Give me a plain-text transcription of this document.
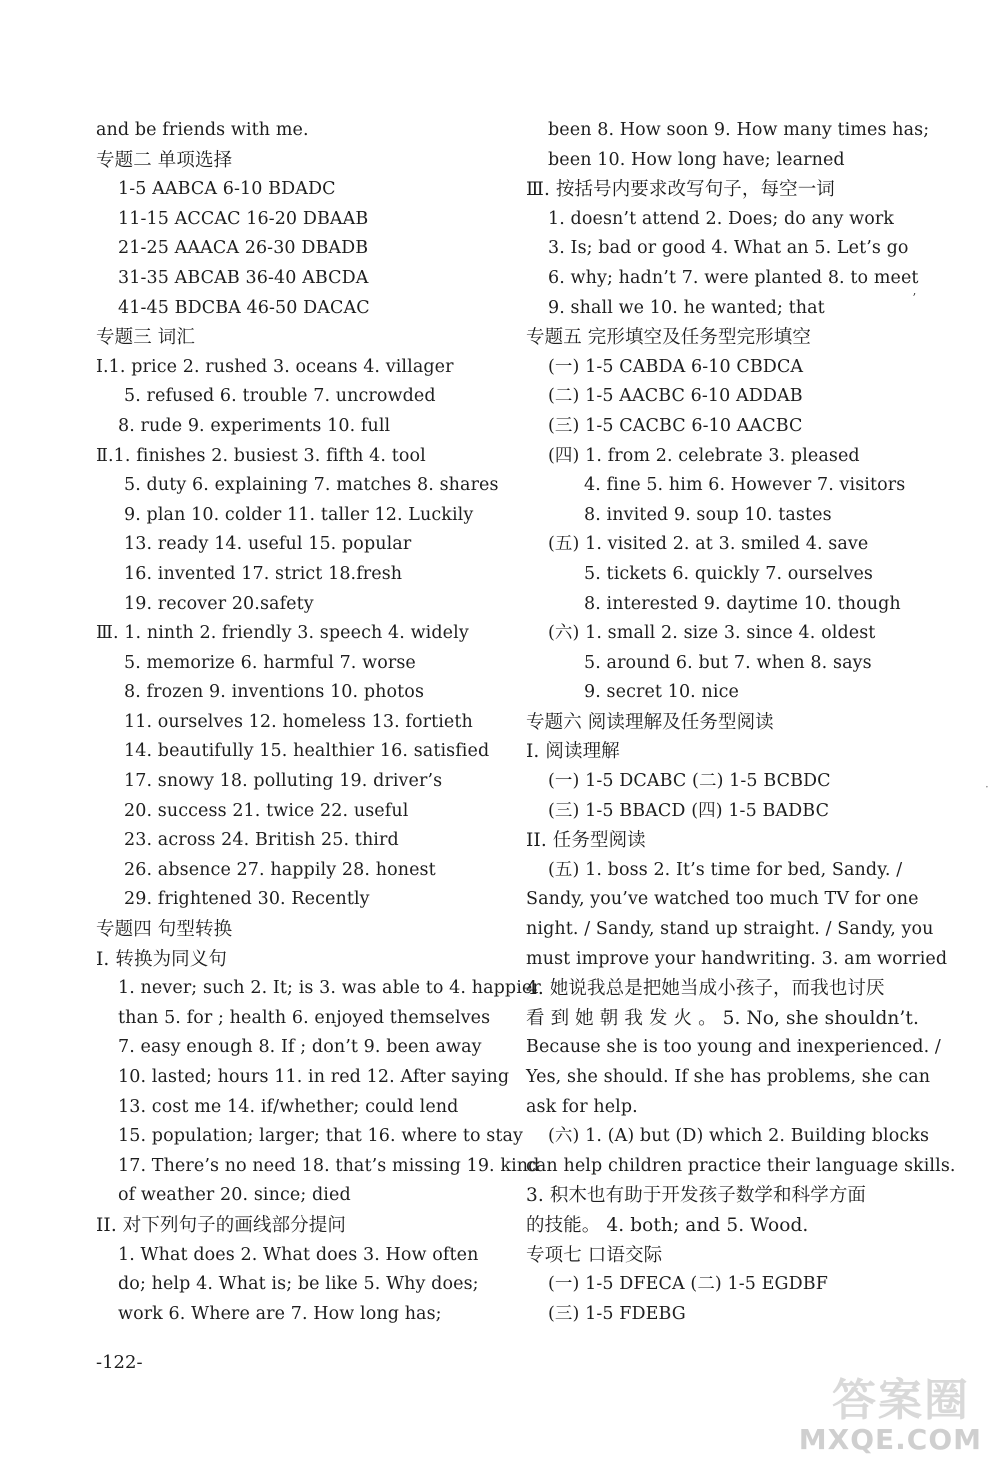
and be friends with me.
专题二 单项选择
1-5 AABCA 6-10 BDADC
11-15 ACCAC 16-20 DBAAB
21-25 AAACA 26-30 DBADB
31-35 ABCAB 36-40 ABCDA
41-45 BDCBA 46-50 DACAC
专题三 词汇
Ⅰ.1. price 2. rushed 3. oceans 4. villager
5. refused 6. trouble 7. uncrowded
8. rude 9. experiments 10. full
Ⅱ.1. finishes 2. busiest 3. fifth 4. tool
5. duty 6. explaining 7. matches 8. shares
9. plan 10. colder 11. taller 12. Luckily
13. ready 14. useful 15. popular
16. invented 17. strict 18.fresh
19. recover 20.safety
Ⅲ. 1. ninth 2. friendly 3. speech 4. widely
5. memorize 6. harmful 7. worse
8. frozen 9. inventions 10. photos
11. ourselves 12. homeless 13. fortieth
14. beautifully 15. healthier 16. satisfied
17. snowy 18. polluting 19. driver’s
20. success 21. twice 22. useful
23. across 24. British 25. third
26. absence 27. happily 28. honest
29. frightened 30. Recently
专题四 句型转换
I. 转换为同义句
1. never; such 2. It; is 3. was able to 4. happier
than 5. for ; health 6. enjoyed themselves
7. easy enough 8. If ; don’t 9. been away
10. lasted; hours 11. in red 12. After saying
13. cost me 14. if/whether; could lend
15. population; larger; that 16. where to stay
17. There’s no need 18. that’s missing 19. kind
of weather 20. since; died
II. 对下列句子的画线部分提问
1. What does 2. What does 3. How often
do; help 4. What is; be like 5. Why does;
work 6. Where are 7. How long has;
been 8. How soon 9. How many times has;
been 10. How long have; learned
Ⅲ. 按括号内要求改写句子，每空一词
1. doesn’t attend 2. Does; do any work
3. Is; bad or good 4. What an 5. Let’s go
6. why; hadn’t 7. were planted 8. to meet
9. shall we 10. he wanted; that
专题五 完形填空及任务型完形填空
(一) 1-5 CABDA 6-10 CBDCA
(二) 1-5 AACBC 6-10 ADDAB
(三) 1-5 CACBC 6-10 AACBC
(四) 1. from 2. celebrate 3. pleased
4. fine 5. him 6. However 7. visitors
8. invited 9. soup 10. tastes
(五) 1. visited 2. at 3. smiled 4. save
5. tickets 6. quickly 7. ourselves
8. interested 9. daytime 10. though
(六) 1. small 2. size 3. since 4. oldest
5. around 6. but 7. when 8. says
9. secret 10. nice
专题六 阅读理解及任务型阅读
I. 阅读理解
(一) 1-5 DCABC (二) 1-5 BCBDC
(三) 1-5 BBACD (四) 1-5 BADBC
II. 任务型阅读
(五) 1. boss 2. It’s time for bed, Sandy. /
Sandy, you’ve watched too much TV for one
night. / Sandy, stand up straight. / Sandy, you
must improve your handwriting. 3. am worried
4. 她说我总是把她当成小孩子，而我也讨厌
看 到 她 朝 我 发 火 。 5. No, she shouldn’t.
Because she is too young and inexperienced. /
Yes, she should. If she has problems, she can
ask for help.
(六) 1. (A) but (D) which 2. Building blocks
can help children practice their language skills.
3. 积木也有助于开发孩子数学和科学方面
的技能。 4. both; and 5. Wood.
专项七 口语交际
(一) 1-5 DFECA (二) 1-5 EGDBF
(三) 1-5 FDEBG
-122-
ʼ
·
答案圈
MXQE.COM
